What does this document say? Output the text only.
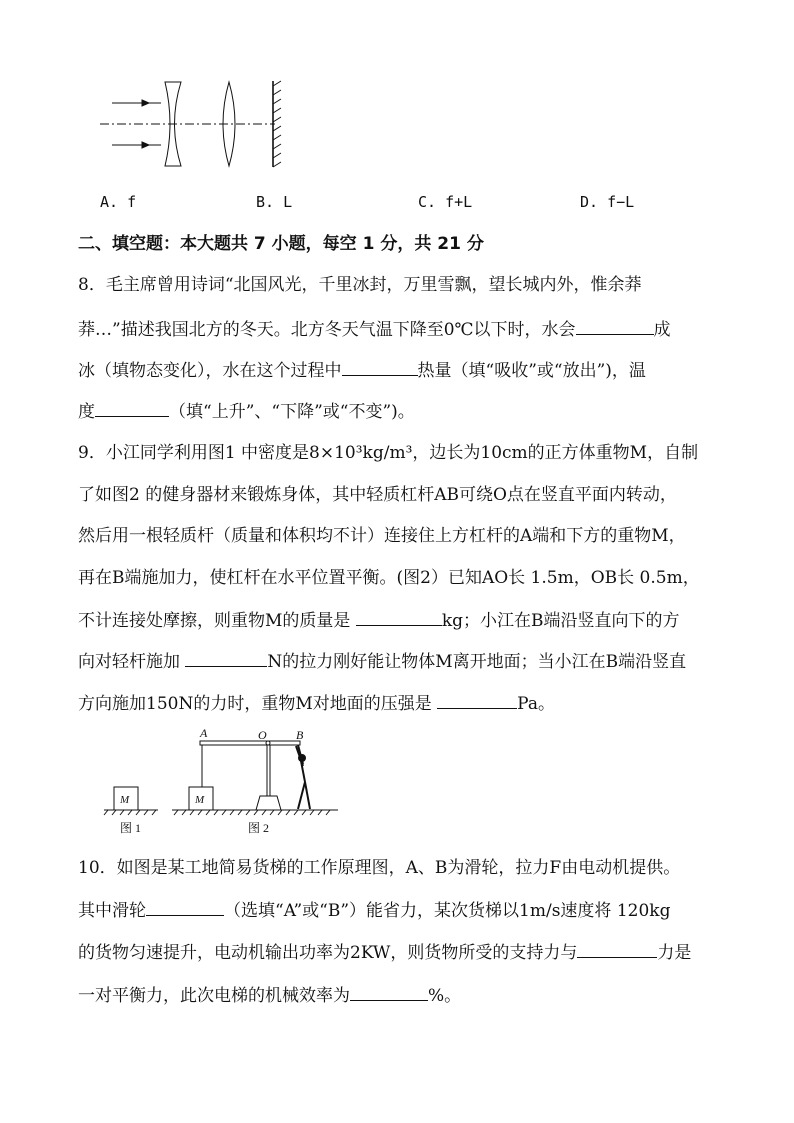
A. f	B. L	C. f+L	D. f−L
二、填空题：本大题共 7 小题，每空 1 分，共 21 分
8．毛主席曾用诗词“北国风光，千里冰封，万里雪飘，望长城内外，惟余莽
莽…”描述我国北方的冬天。北方冬天气温下降至0℃以下时，水会	成
冰（填物态变化），水在这个过程中	热量（填“吸收”或“放出”)，温
度	（填“上升”、“下降”或“不变”)。
9．小江同学利用图1 中密度是8×10³kg/m³，边长为10cm的正方体重物M，自制
了如图2 的健身器材来锻炼身体，其中轻质杠杆AB可绕O点在竖直平面内转动，
然后用一根轻质杆（质量和体积均不计）连接住上方杠杆的A端和下方的重物M，
再在B端施加力，使杠杆在水平位置平衡。(图2）已知AO长 1.5m，OB长 0.5m，
不计连接处摩擦，则重物M的质量是	kg；小江在B端沿竖直向下的方
向对轻杆施加	N的拉力刚好能让物体M离开地面；当小江在B端沿竖直
方向施加150N的力时，重物M对地面的压强是	Pa。
A	O B
M	M
图 1	图 2
10．如图是某工地简易货梯的工作原理图，A、B为滑轮，拉力F由电动机提供。
其中滑轮	（选填“A”或“B”）能省力，某次货梯以1m/s速度将 120kg
的货物匀速提升，电动机输出功率为2KW，则货物所受的支持力与	力是
一对平衡力，此次电梯的机械效率为	%。
